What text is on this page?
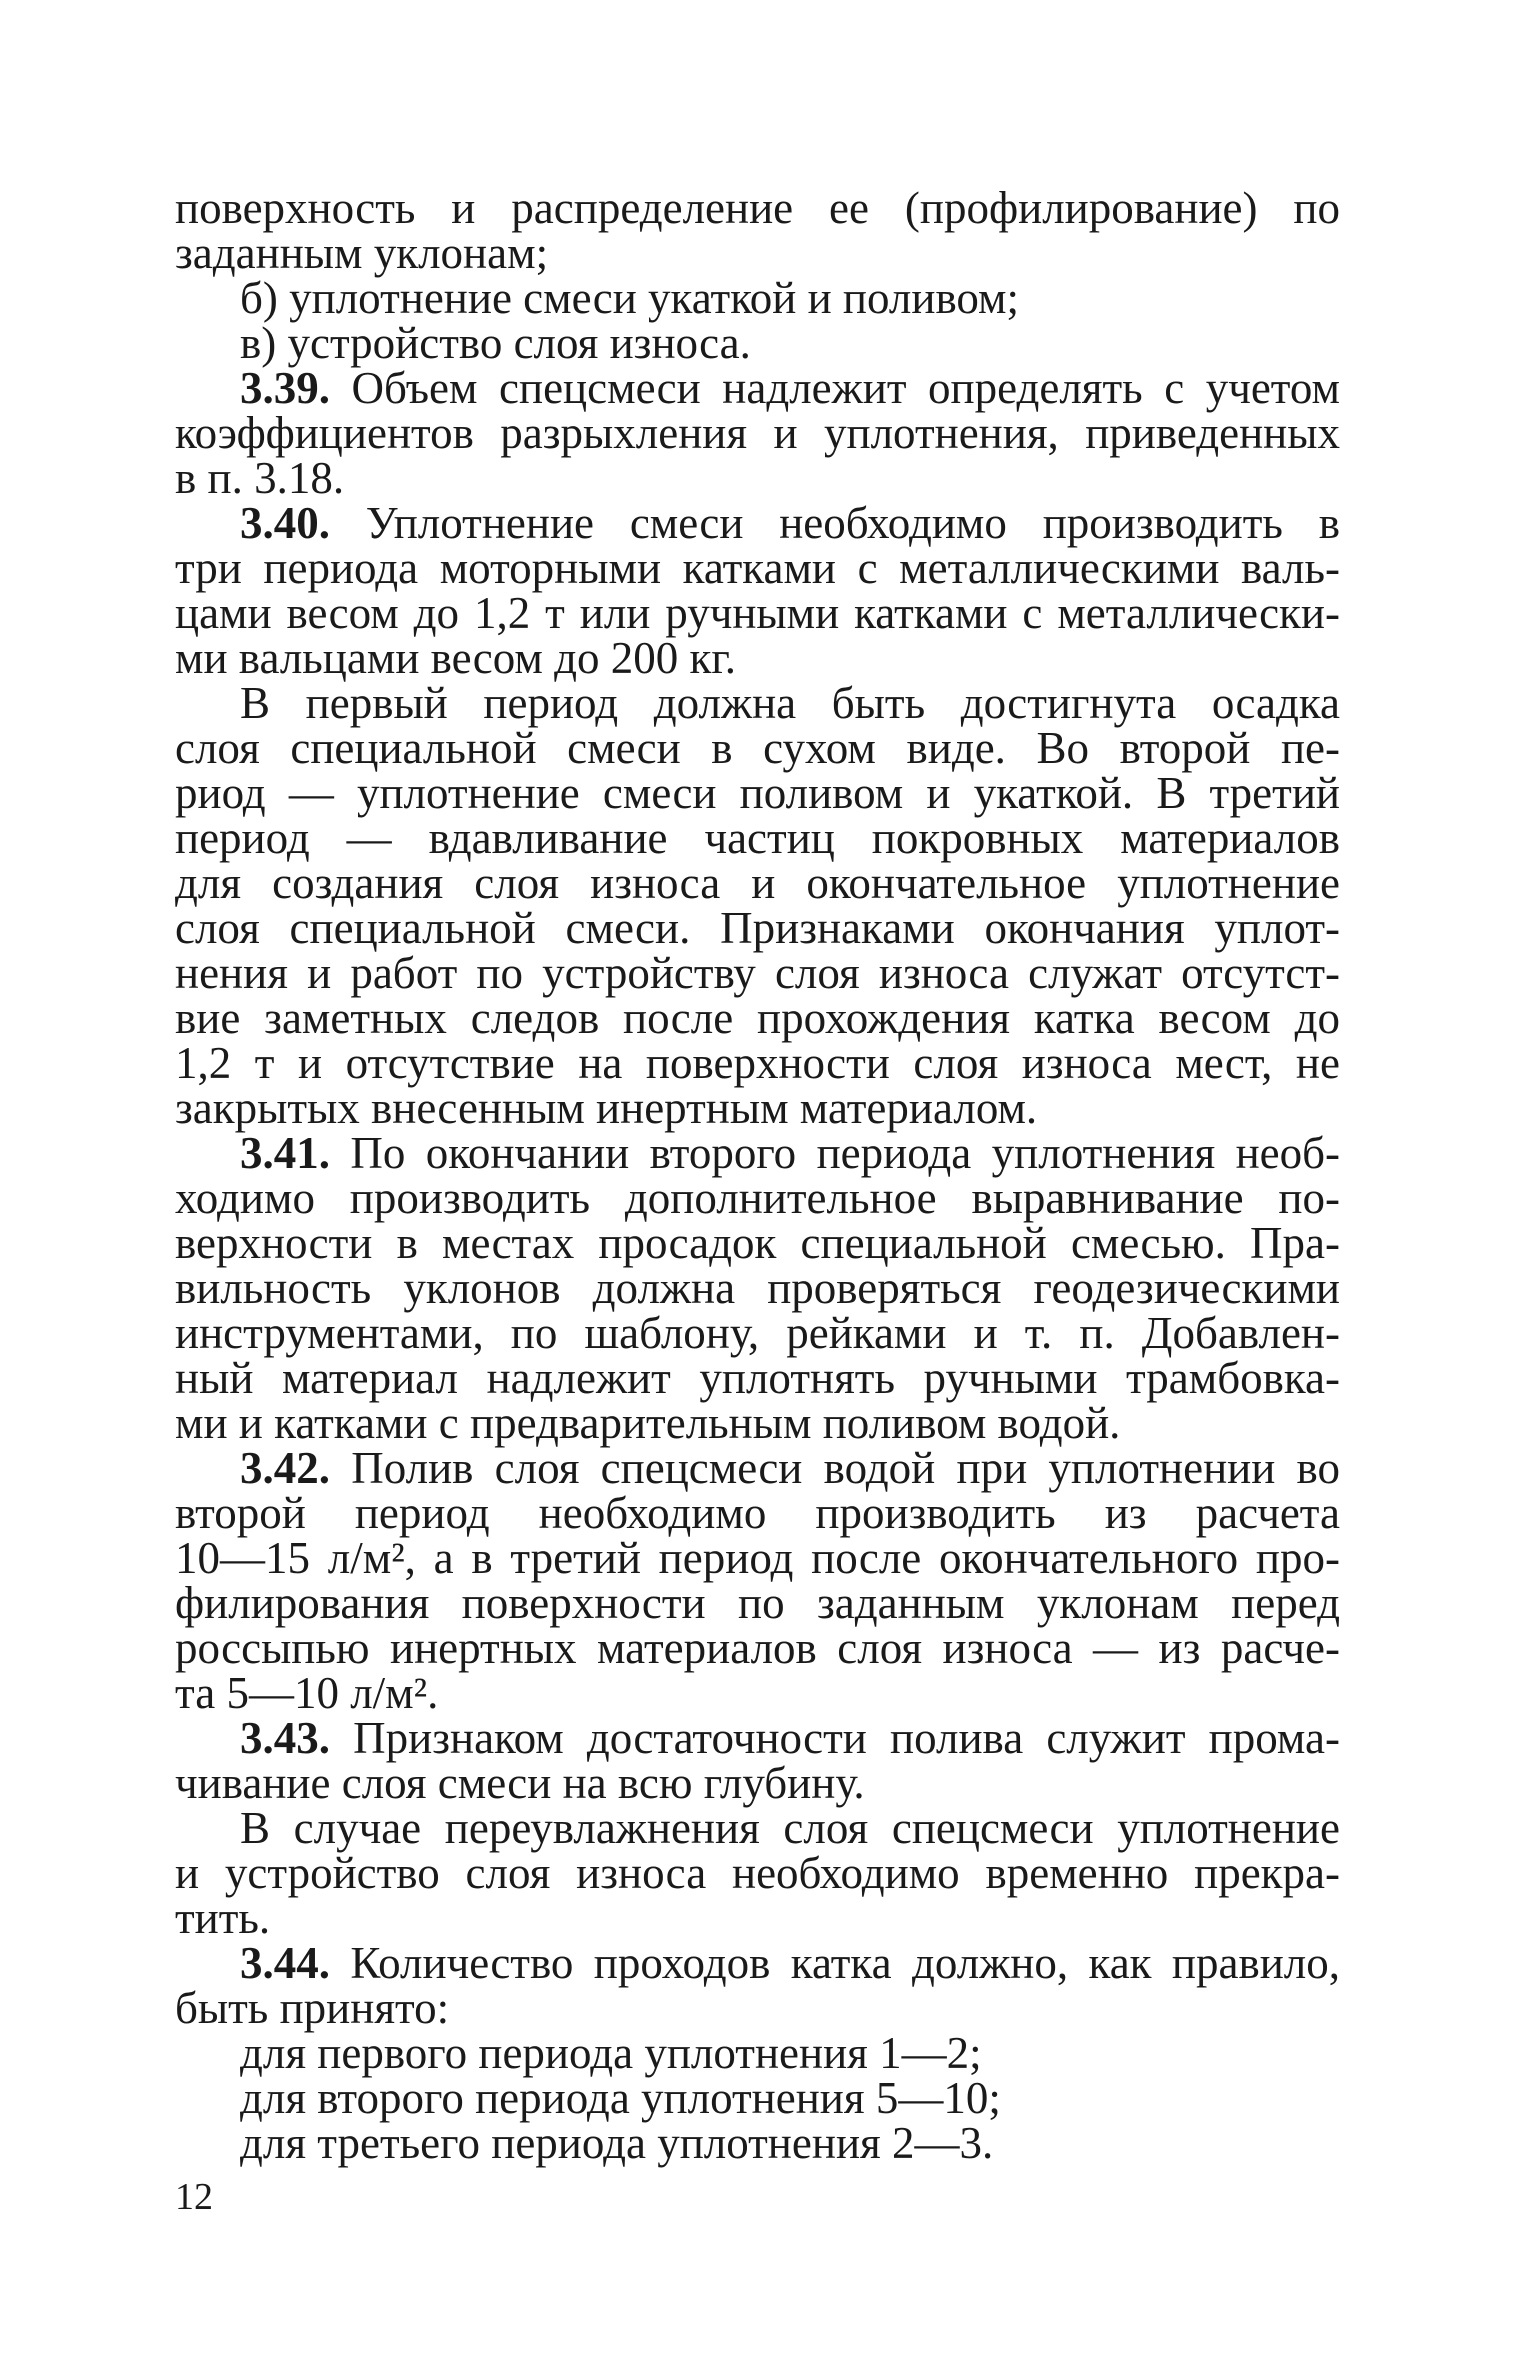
поверхность и распределение ее (профилирование) по
заданным уклонам;
б) уплотнение смеси укаткой и поливом;
в) устройство слоя износа.
3.39. Объем спецсмеси надлежит определять с учетом
коэффициентов разрыхления и уплотнения, приведенных
в п. 3.18.
3.40. Уплотнение смеси необходимо производить в
три периода моторными катками с металлическими валь-
цами весом до 1,2 т или ручными катками с металлически-
ми вальцами весом до 200 кг.
В первый период должна быть достигнута осадка
слоя специальной смеси в сухом виде. Во второй пе-
риод — уплотнение смеси поливом и укаткой. В третий
период — вдавливание частиц покровных материалов
для создания слоя износа и окончательное уплотнение
слоя специальной смеси. Признаками окончания уплот-
нения и работ по устройству слоя износа служат отсутст-
вие заметных следов после прохождения катка весом до
1,2 т и отсутствие на поверхности слоя износа мест, не
закрытых внесенным инертным материалом.
3.41. По окончании второго периода уплотнения необ-
ходимо производить дополнительное выравнивание по-
верхности в местах просадок специальной смесью. Пра-
вильность уклонов должна проверяться геодезическими
инструментами, по шаблону, рейками и т. п. Добавлен-
ный материал надлежит уплотнять ручными трамбовка-
ми и катками с предварительным поливом водой.
3.42. Полив слоя спецсмеси водой при уплотнении во
второй период необходимо производить из расчета
10—15 л/м², а в третий период после окончательного про-
филирования поверхности по заданным уклонам перед
россыпью инертных материалов слоя износа — из расче-
та 5—10 л/м².
3.43. Признаком достаточности полива служит прома-
чивание слоя смеси на всю глубину.
В случае переувлажнения слоя спецсмеси уплотнение
и устройство слоя износа необходимо временно прекра-
тить.
3.44. Количество проходов катка должно, как правило,
быть принято:
для первого периода уплотнения 1—2;
для второго периода уплотнения 5—10;
для третьего периода уплотнения 2—3.
12
